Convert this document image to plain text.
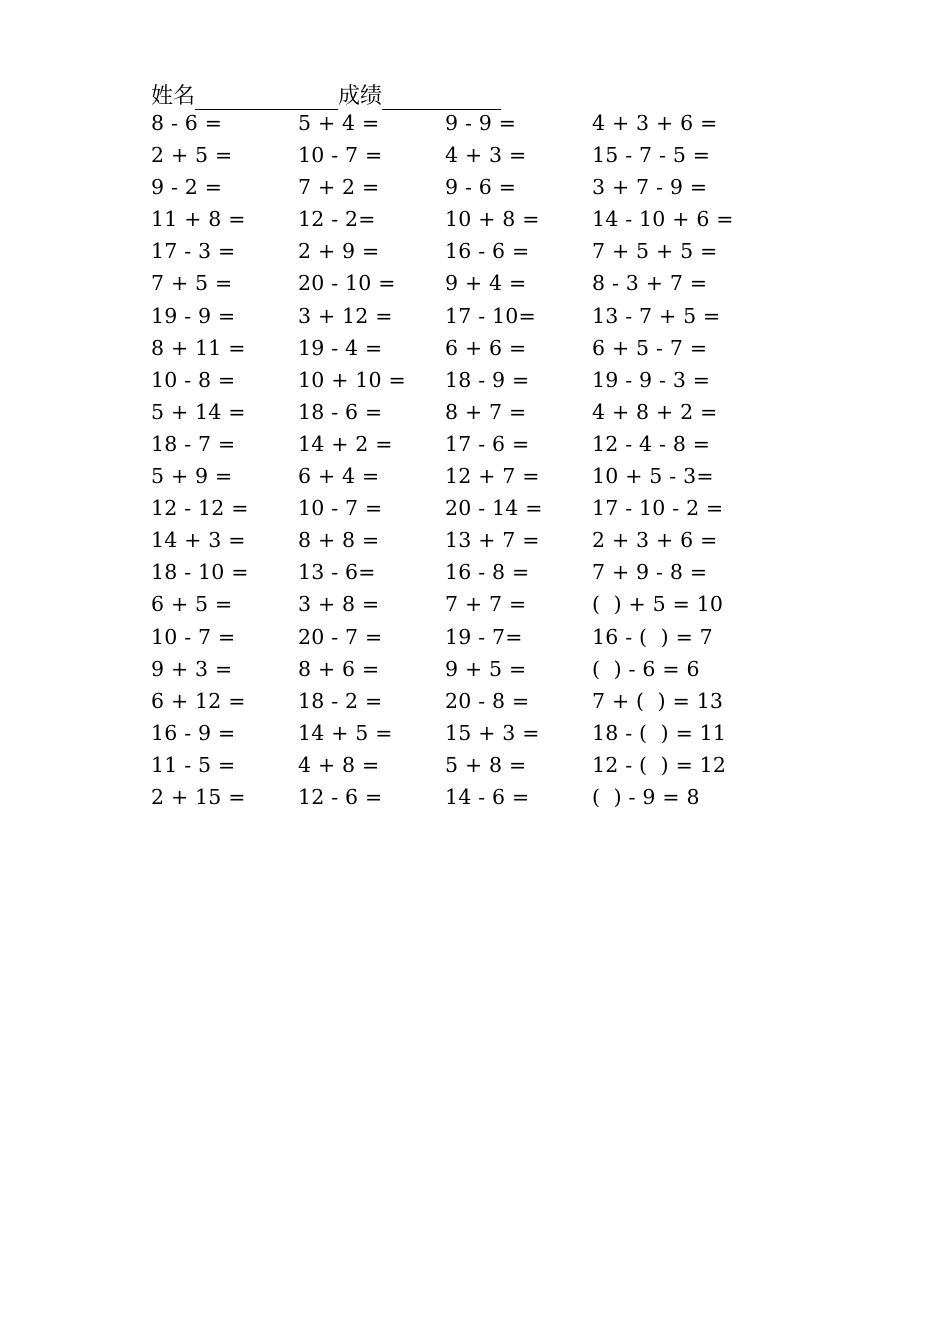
姓名	成绩
8 - 6 =	5 + 4 =	9 - 9 =	4 + 3 + 6 =
2 + 5 =	10 - 7 =	4 + 3 =	15 - 7 - 5 =
9 - 2 =	7 + 2 =	9 - 6 =	3 + 7 - 9 =
11 + 8 =	12 - 2=	10 + 8 =	14 - 10 + 6 =
17 - 3 =	2 + 9 =	16 - 6 =	7 + 5 + 5 =
7 + 5 =	20 - 10 = 9 + 4 =	8 - 3 + 7 =
19 - 9 =	3 + 12 =	17 - 10=	13 - 7 + 5 =
8 + 11 =	19 - 4 =	6 + 6 =	6 + 5 - 7 =
10 - 8 =	10 + 10 = 18 - 9 =	19 - 9 - 3 =
5 + 14 =	18 - 6 =	8 + 7 =	4 + 8 + 2 =
18 - 7 =	14 + 2 =	17 - 6 =	12 - 4 - 8 =
5 + 9 =	6 + 4 =	12 + 7 =	10 + 5 - 3=
12 - 12 = 10 - 7 =	20 - 14 = 17 - 10 - 2 =
14 + 3 =	8 + 8 =	13 + 7 =	2 + 3 + 6 =
18 - 10 = 13 - 6=	16 - 8 =	7 + 9 - 8 =
6 + 5 =	3 + 8 =	7 + 7 =	(  ) + 5 = 10
10 - 7 =	20 - 7 =	19 - 7=	16 - (  ) = 7
9 + 3 =	8 + 6 =	9 + 5 =	(  ) - 6 = 6
6 + 12 =	18 - 2 =	20 - 8 =	7 + (  ) = 13
16 - 9 =	14 + 5 =	15 + 3 =	18 - (  ) = 11
11 - 5 =	4 + 8 =	5 + 8 =	12 - (  ) = 12
2 + 15 =	12 - 6 =	14 - 6 =	(  ) - 9 = 8
